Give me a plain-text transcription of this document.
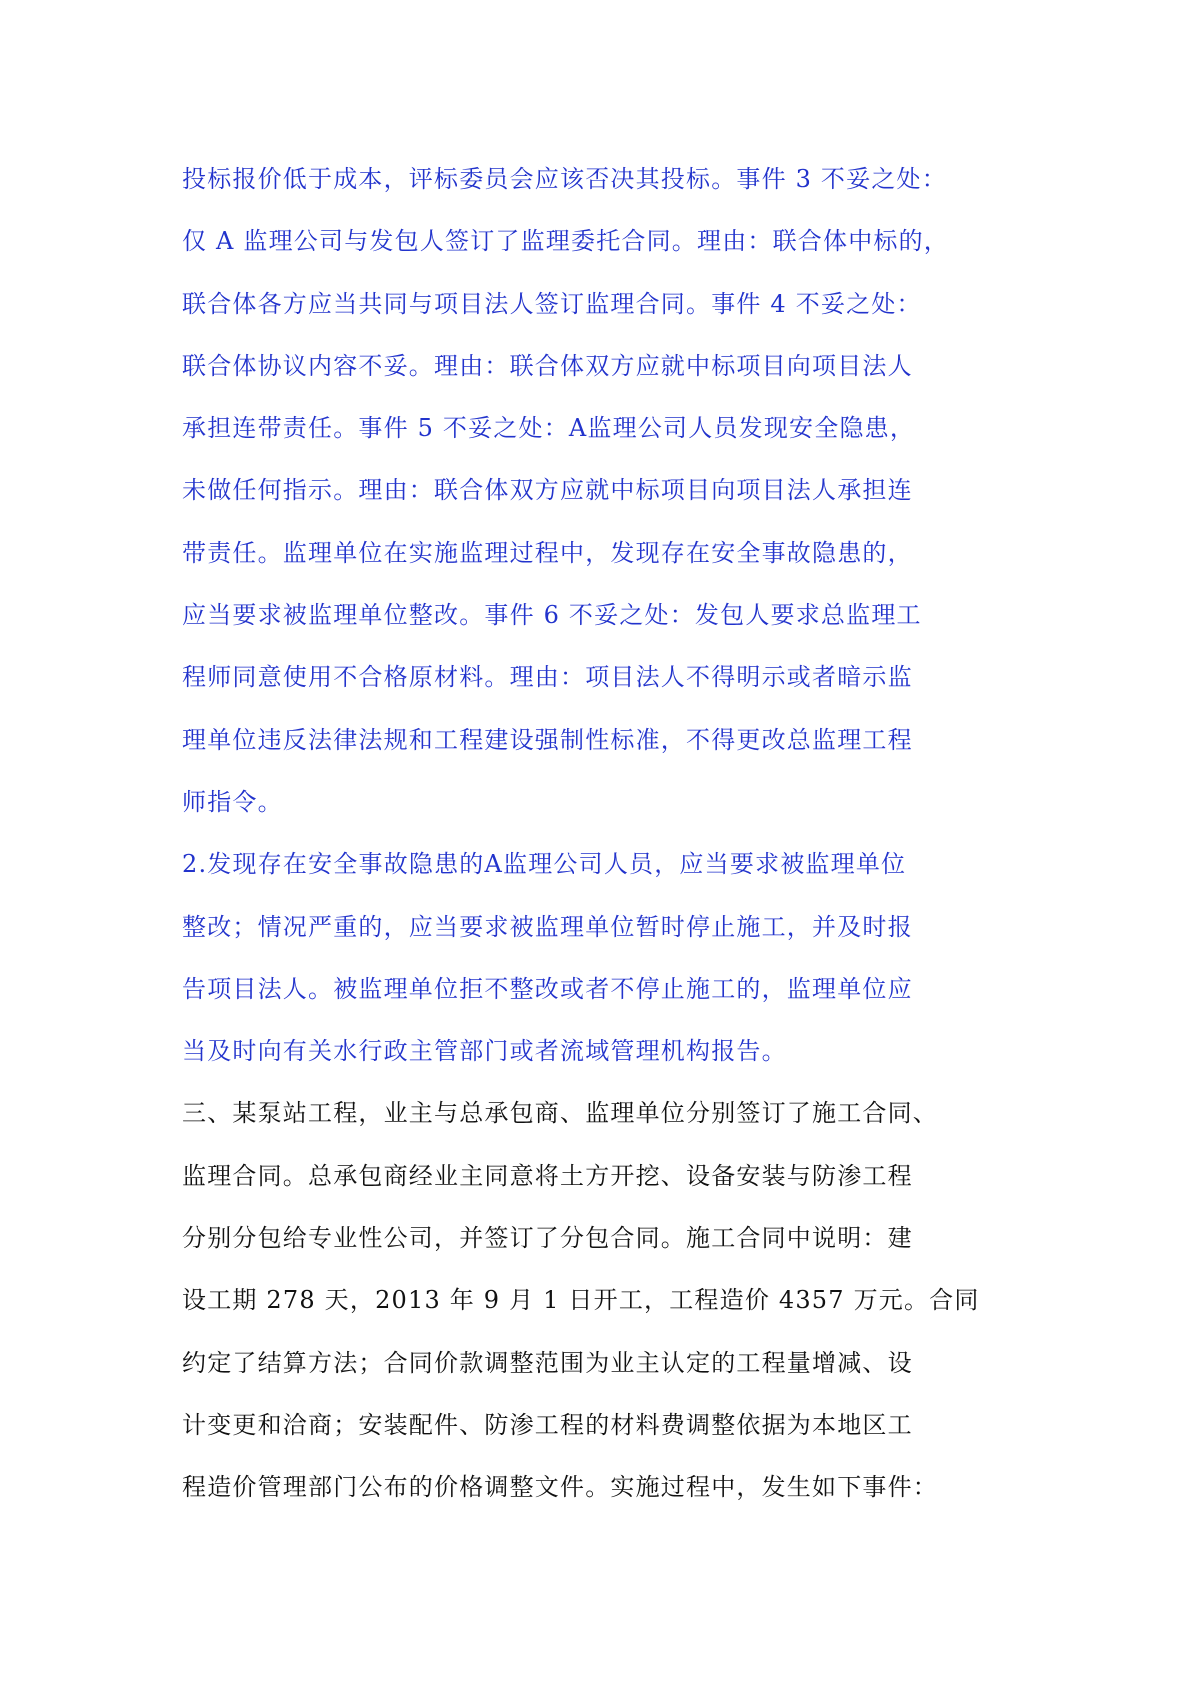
投标报价低于成本，评标委员会应该否决其投标。事件 3 不妥之处：
仅 A 监理公司与发包人签订了监理委托合同。理由：联合体中标的，
联合体各方应当共同与项目法人签订监理合同。事件 4 不妥之处：
联合体协议内容不妥。理由：联合体双方应就中标项目向项目法人
承担连带责任。事件 5 不妥之处：A监理公司人员发现安全隐患，
未做任何指示。理由：联合体双方应就中标项目向项目法人承担连
带责任。监理单位在实施监理过程中，发现存在安全事故隐患的，
应当要求被监理单位整改。事件 6 不妥之处：发包人要求总监理工
程师同意使用不合格原材料。理由：项目法人不得明示或者暗示监
理单位违反法律法规和工程建设强制性标准，不得更改总监理工程
师指令。
2.发现存在安全事故隐患的A监理公司人员，应当要求被监理单位
整改；情况严重的，应当要求被监理单位暂时停止施工，并及时报
告项目法人。被监理单位拒不整改或者不停止施工的，监理单位应
当及时向有关水行政主管部门或者流域管理机构报告。
三、某泵站工程，业主与总承包商、监理单位分别签订了施工合同、
监理合同。总承包商经业主同意将土方开挖、设备安装与防渗工程
分别分包给专业性公司，并签订了分包合同。施工合同中说明：建
设工期 278 天，2013 年 9 月 1 日开工，工程造价 4357 万元。合同
约定了结算方法；合同价款调整范围为业主认定的工程量增减、设
计变更和洽商；安装配件、防渗工程的材料费调整依据为本地区工
程造价管理部门公布的价格调整文件。实施过程中，发生如下事件：
